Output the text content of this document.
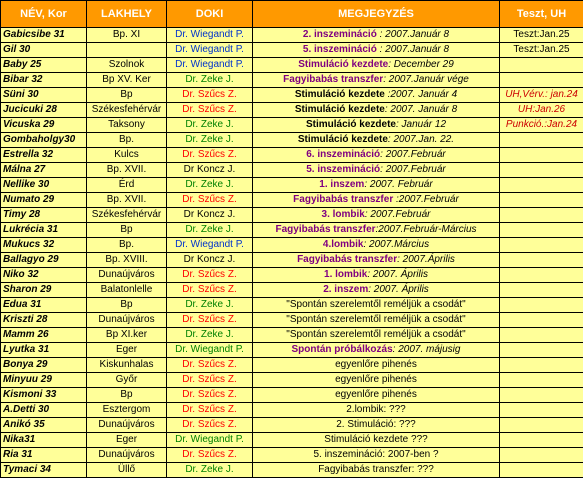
NÉV, Kor	LAKHELY	DOKI	MEGJEGYZÉS	Teszt, UH
Gabicsibe 31	Bp. XI	Dr. Wiegandt P.	2. inszemináció : 2007.Január 8	Teszt:Jan.25
Gil 30		Dr. Wiegandt P.	5. inszemináció : 2007.Január 8	Teszt:Jan.25
Baby 25	Szolnok	Dr. Wiegandt P.	Stimuláció kezdete: December 29	
Bibar 32	Bp XV. Ker	Dr. Zeke J.	Fagyibabás transzfer: 2007.Január vége	
Süni 30	Bp	Dr. Szűcs Z.	Stimuláció kezdete :2007. Január 4	UH,Vérv.: jan.24
Jucicuki 28	Székesfehérvár	Dr. Szűcs Z.	Stimuláció kezdete: 2007. Január 8	UH:Jan.26
Vicuska 29	Taksony	Dr. Zeke J.	Stimuláció kezdete: Január 12	Punkció.:Jan.24
Gombaholgy30	Bp.	Dr. Zeke J.	Stimuláció kezdete: 2007.Jan. 22.	
Estrella 32	Kulcs	Dr. Szűcs Z.	6. inszemináció: 2007.Február	
Málna 27	Bp. XVII.	Dr Koncz J.	5. inszemináció: 2007.Február	
Nellike 30	Érd	Dr. Zeke J.	1. inszem: 2007. Február	
Numato 29	Bp. XVII.	Dr. Szűcs Z.	Fagyibabás transzfer :2007.Február	
Timy 28	Székesfehérvár	Dr Koncz J.	3. lombik: 2007.Február	
Lukrécia 31	Bp	Dr. Zeke J.	Fagyibabás transzfer:2007.Február-Március	
Mukucs 32	Bp.	Dr. Wiegandt P.	4.lombik: 2007.Március	
Ballagyo 29	Bp. XVIII.	Dr Koncz J.	Fagyibabás transzfer: 2007.Április	
Niko 32	Dunaújváros	Dr. Szűcs Z.	1. lombik: 2007. Április	
Sharon 29	Balatonlelle	Dr. Szűcs Z.	2. inszem: 2007. Április	
Edua 31	Bp	Dr. Zeke J.	"Spontán szerelemtől reméljük a csodát"	
Kriszti 28	Dunaújváros	Dr. Szűcs Z.	"Spontán szerelemtől reméljük a csodát"	
Mamm 26	Bp XI.ker	Dr. Zeke J.	"Spontán szerelemtől reméljük a csodát"	
Lyutka 31	Eger	Dr. Wiegandt P.	Spontán próbálkozás: 2007. májusig	
Bonya 29	Kiskunhalas	Dr. Szűcs Z.	egyenlőre pihenés	
Minyuu 29	Győr	Dr. Szűcs Z.	egyenlőre pihenés	
Kismoni 33	Bp	Dr. Szűcs Z.	egyenlőre pihenés	
A.Detti 30	Esztergom	Dr. Szűcs Z.	2.lombik: ???	
Anikó 35	Dunaújváros	Dr. Szűcs Z.	2. Stimuláció: ???	
Nika31	Eger	Dr. Wiegandt P.	Stimuláció kezdete ???	
Ria 31	Dunaújváros	Dr. Szűcs Z.	5. inszemináció: 2007-ben ?	
Tymaci 34	Üllő	Dr. Zeke J.	Fagyibabás transzfer: ???	
